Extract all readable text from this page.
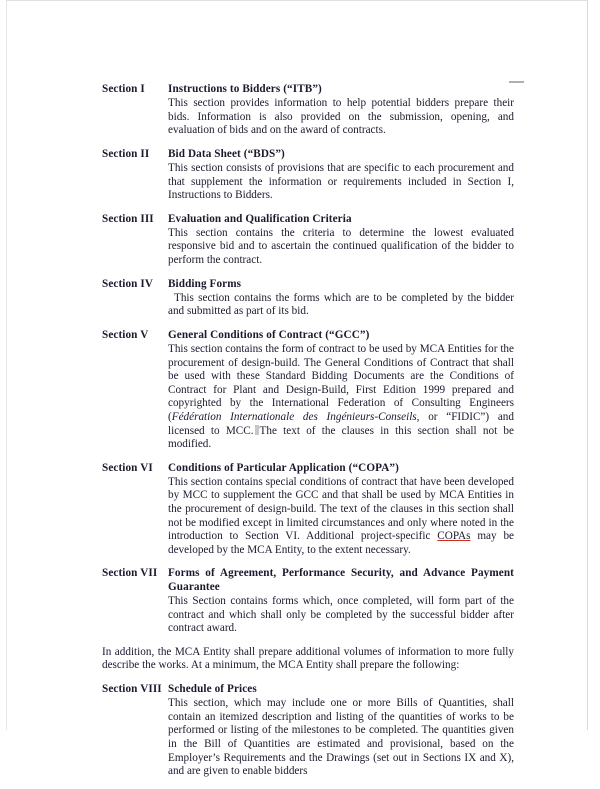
Section I	Instructions to Bidders (“ITB”)

This section provides information to help potential bidders prepare their bids. Information is also provided on the submission, opening, and evaluation of bids and on the award of contracts.

Section II	Bid Data Sheet (“BDS”)

This section consists of provisions that are specific to each procurement and that supplement the information or requirements included in Section I, Instructions to Bidders.

Section III	Evaluation and Qualification Criteria

This section contains the criteria to determine the lowest evaluated responsive bid and to ascertain the continued qualification of the bidder to perform the contract.

Section IV	Bidding Forms

This section contains the forms which are to be completed by the bidder and submitted as part of its bid.

Section V	General Conditions of Contract (“GCC”)

This section contains the form of contract to be used by MCA Entities for the procurement of design-build. The General Conditions of Contract that shall be used with these Standard Bidding Documents are the Conditions of Contract for Plant and Design-Build, First Edition 1999 prepared and copyrighted by the International Federation of Consulting Engineers (Fédération Internationale des Ingénieurs-Conseils, or “FIDIC”) and licensed to MCC. The text of the clauses in this section shall not be modified.

Section VI	Conditions of Particular Application (“COPA”)

This section contains special conditions of contract that have been developed by MCC to supplement the GCC and that shall be used by MCA Entities in the procurement of design-build. The text of the clauses in this section shall not be modified except in limited circumstances and only where noted in the introduction to Section VI. Additional project-specific COPAs may be developed by the MCA Entity, to the extent necessary.

Section VII Forms of Agreement, Performance Security, and Advance Payment
Guarantee

This Section contains forms which, once completed, will form part of the contract and which shall only be completed by the successful bidder after contract award.

In addition, the MCA Entity shall prepare additional volumes of information to more fully describe the works. At a minimum, the MCA Entity shall prepare the following:

Section VIII Schedule of Prices

This section, which may include one or more Bills of Quantities, shall contain an itemized description and listing of the quantities of works to be performed or listing of the milestones to be completed. The quantities given in the Bill of Quantities are estimated and provisional, based on the Employer’s Requirements and the Drawings (set out in Sections IX and X), and are given to enable bidders
